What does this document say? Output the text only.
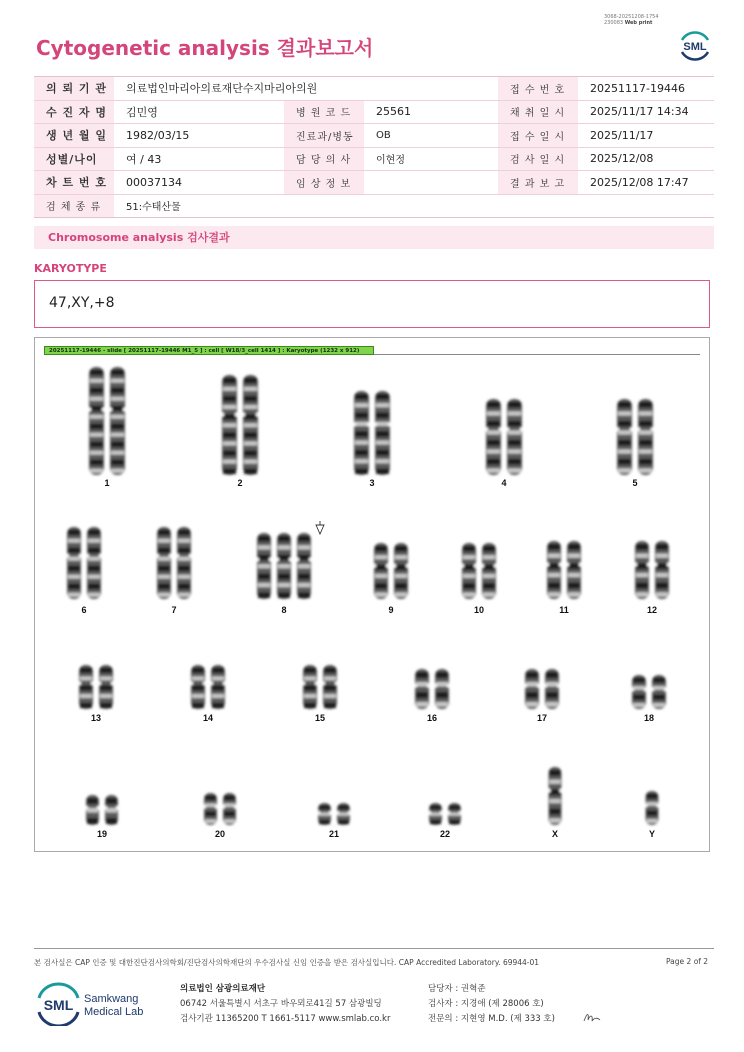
Cytogenetic analysis 결과보고서
3068-20251208-1754
230083 Web print
SML
의 뢰 기 관	의료법인마리아의료재단수지마리아의원			접 수 번 호	20251117-19446
수 진 자 명	김민영	병 원 코 드	25561	채 취 일 시	2025/11/17 14:34
생 년 월 일	1982/03/15	진료과/병동	OB	접 수 일 시	2025/11/17
성별/나이	여 / 43	담 당 의 사	이현정	검 사 일 시	2025/12/08
차 트 번 호	00037134	임 상 정 보		결 과 보 고	2025/12/08 17:47
검 체 종 류	51:수태산물				
Chromosome analysis 검사결과
KARYOTYPE
47,XY,+8
20251117-19446 - slide [ 20251117-19446 M1_5 ] : cell [ W18/3_cell 1414 ] : Karyotype (1232 x 912)
1	2	3	4	5
6	7	8	9	10	11	12
13	14	15	16	17	18
19	20	21	22	X	Y
본 검사실은 CAP 인증 및 대한진단검사의학회/진단검사의학재단의 우수검사실 신임 인증을 받은 검사실입니다. CAP Accredited Laboratory. 69944-01	Page 2 of 2
SML Samkwang
Medical Lab
의료법인 삼광의료재단
06742 서울특별시 서초구 바우뫼로41길 57 삼광빌딩
검사기관 11365200 T 1661-5117 www.smlab.co.kr
담당자 : 권혁준
검사자 : 지경애 (제 28006 호)
전문의 : 지현영 M.D. (제 333 호)
